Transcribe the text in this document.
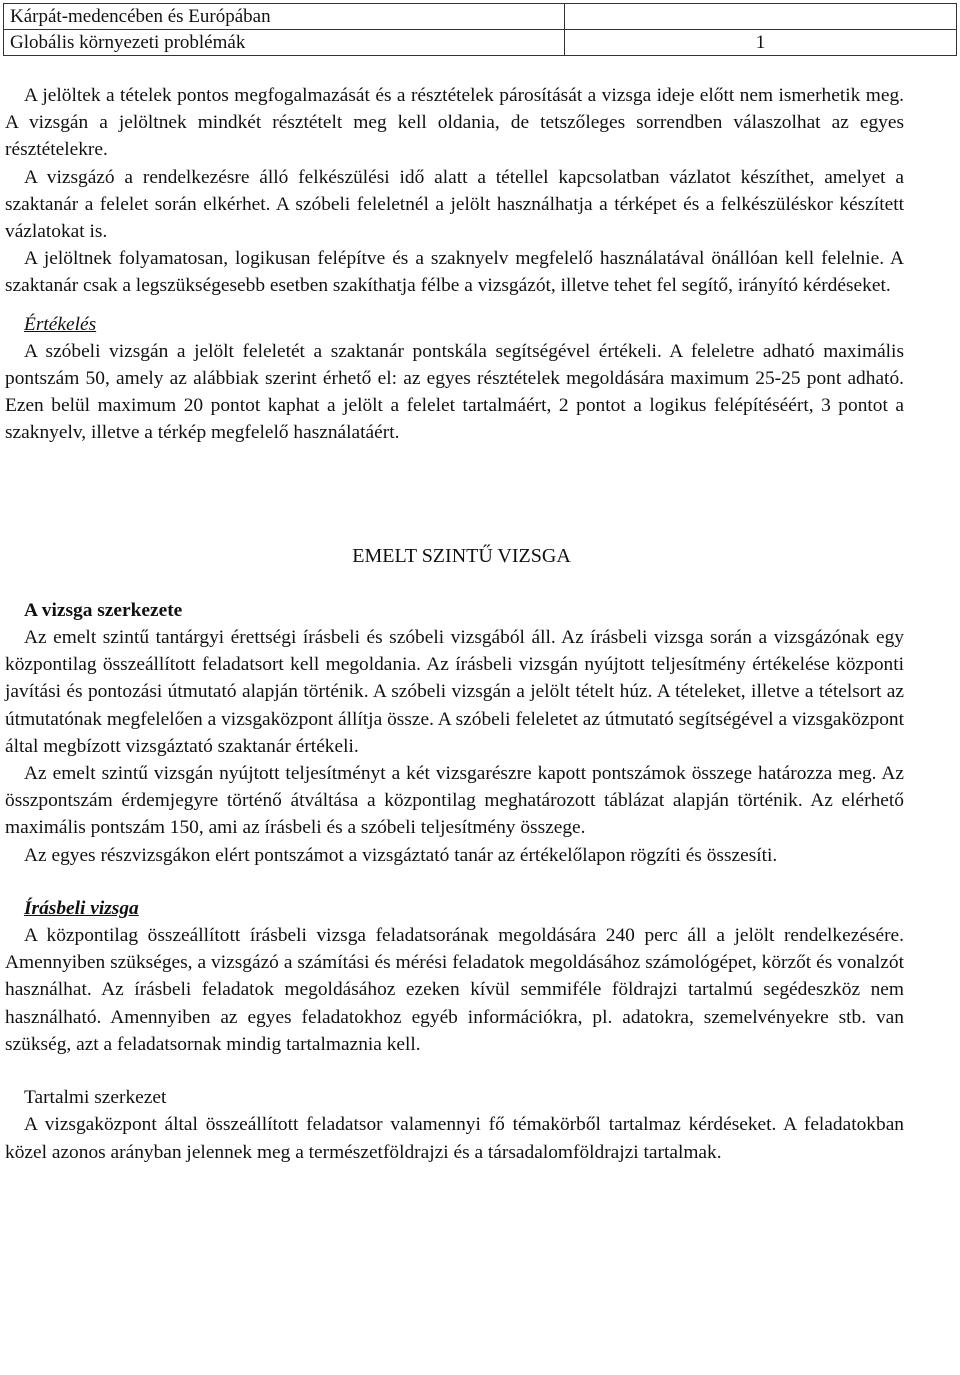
Kárpát-medencében és Európában	
Globális környezeti problémák	1

A jelöltek a tételek pontos megfogalmazását és a résztételek párosítását a vizsga ideje előtt nem ismerhetik meg. A vizsgán a jelöltnek mindkét résztételt meg kell oldania, de tetszőleges sorrendben válaszolhat az egyes résztételekre.

A vizsgázó a rendelkezésre álló felkészülési idő alatt a tétellel kapcsolatban vázlatot készíthet, amelyet a szaktanár a felelet során elkérhet. A szóbeli feleletnél a jelölt használhatja a térképet és a felkészüléskor készített vázlatokat is.

A jelöltnek folyamatosan, logikusan felépítve és a szaknyelv megfelelő használatával önállóan kell felelnie. A szaktanár csak a legszükségesebb esetben szakíthatja félbe a vizsgázót, illetve tehet fel segítő, irányító kérdéseket.

Értékelés

A szóbeli vizsgán a jelölt feleletét a szaktanár pontskála segítségével értékeli. A feleletre adható maximális pontszám 50, amely az alábbiak szerint érhető el: az egyes résztételek megoldására maximum 25-25 pont adható. Ezen belül maximum 20 pontot kaphat a jelölt a felelet tartalmáért, 2 pontot a logikus felépítéséért, 3 pontot a szaknyelv, illetve a térkép megfelelő használatáért.

EMELT SZINTŰ VIZSGA

A vizsga szerkezete

Az emelt szintű tantárgyi érettségi írásbeli és szóbeli vizsgából áll. Az írásbeli vizsga során a vizsgázónak egy központilag összeállított feladatsort kell megoldania. Az írásbeli vizsgán nyújtott teljesítmény értékelése központi javítási és pontozási útmutató alapján történik. A szóbeli vizsgán a jelölt tételt húz. A tételeket, illetve a tételsort az útmutatónak megfelelően a vizsgaközpont állítja össze. A szóbeli feleletet az útmutató segítségével a vizsgaközpont által megbízott vizsgáztató szaktanár értékeli.

Az emelt szintű vizsgán nyújtott teljesítményt a két vizsgarészre kapott pontszámok összege határozza meg. Az összpontszám érdemjegyre történő átváltása a központilag meghatározott táblázat alapján történik. Az elérhető maximális pontszám 150, ami az írásbeli és a szóbeli teljesítmény összege.

Az egyes részvizsgákon elért pontszámot a vizsgáztató tanár az értékelőlapon rögzíti és összesíti.

Írásbeli vizsga

A központilag összeállított írásbeli vizsga feladatsorának megoldására 240 perc áll a jelölt rendelkezésére. Amennyiben szükséges, a vizsgázó a számítási és mérési feladatok megoldásához számológépet, körzőt és vonalzót használhat. Az írásbeli feladatok megoldásához ezeken kívül semmiféle földrajzi tartalmú segédeszköz nem használható. Amennyiben az egyes feladatokhoz egyéb információkra, pl. adatokra, szemelvényekre stb. van szükség, azt a feladatsornak mindig tartalmaznia kell.

Tartalmi szerkezet

A vizsgaközpont által összeállított feladatsor valamennyi fő témakörből tartalmaz kérdéseket. A feladatokban közel azonos arányban jelennek meg a természetföldrajzi és a társadalomföldrajzi tartalmak.
